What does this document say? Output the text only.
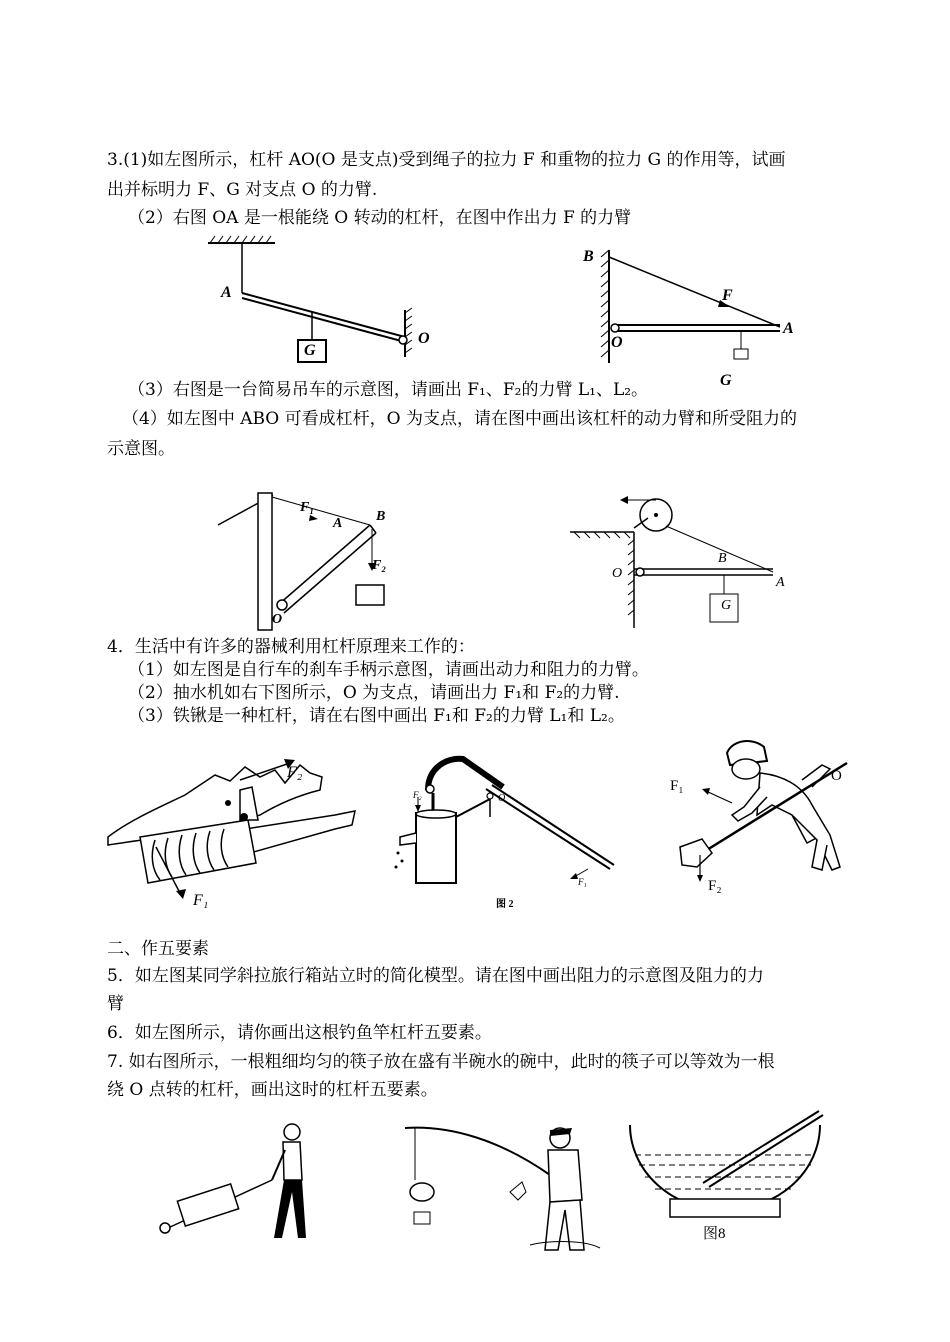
3.(1)如左图所示，杠杆 AO(O 是支点)受到绳子的拉力 F 和重物的拉力 G 的作用等，试画
出并标明力 F、G 对支点 O 的力臂.
（2）右图 OA 是一根能绕 O 转动的杠杆，在图中作出力 F 的力臂
A
G
O
B
F
O
A
G
（3）右图是一台简易吊车的示意图，请画出 F₁、F₂的力臂 L₁、L₂。
（4）如左图中 ABO 可看成杠杆，O 为支点，请在图中画出该杠杆的动力臂和所受阻力的
示意图。
F₁
A B
F₂
O
O
B
A
G
4．生活中有许多的器械利用杠杆原理来工作的：
（1）如左图是自行车的刹车手柄示意图，请画出动力和阻力的力臂。
（2）抽水机如右下图所示，O 为支点，请画出力 F₁和 F₂的力臂.
（3）铁锹是一种杠杆，请在右图中画出 F₁和 F₂的力臂 L₁和 L₂。
F₂
F₁
F₂	O
F₁
图 2
F₁
O
F₂
二、作五要素
5．如左图某同学斜拉旅行箱站立时的简化模型。请在图中画出阻力的示意图及阻力的力
臂
6．如左图所示，请你画出这根钓鱼竿杠杆五要素。
7. 如右图所示，一根粗细均匀的筷子放在盛有半碗水的碗中，此时的筷子可以等效为一根
绕 O 点转的杠杆，画出这时的杠杆五要素。
图8
